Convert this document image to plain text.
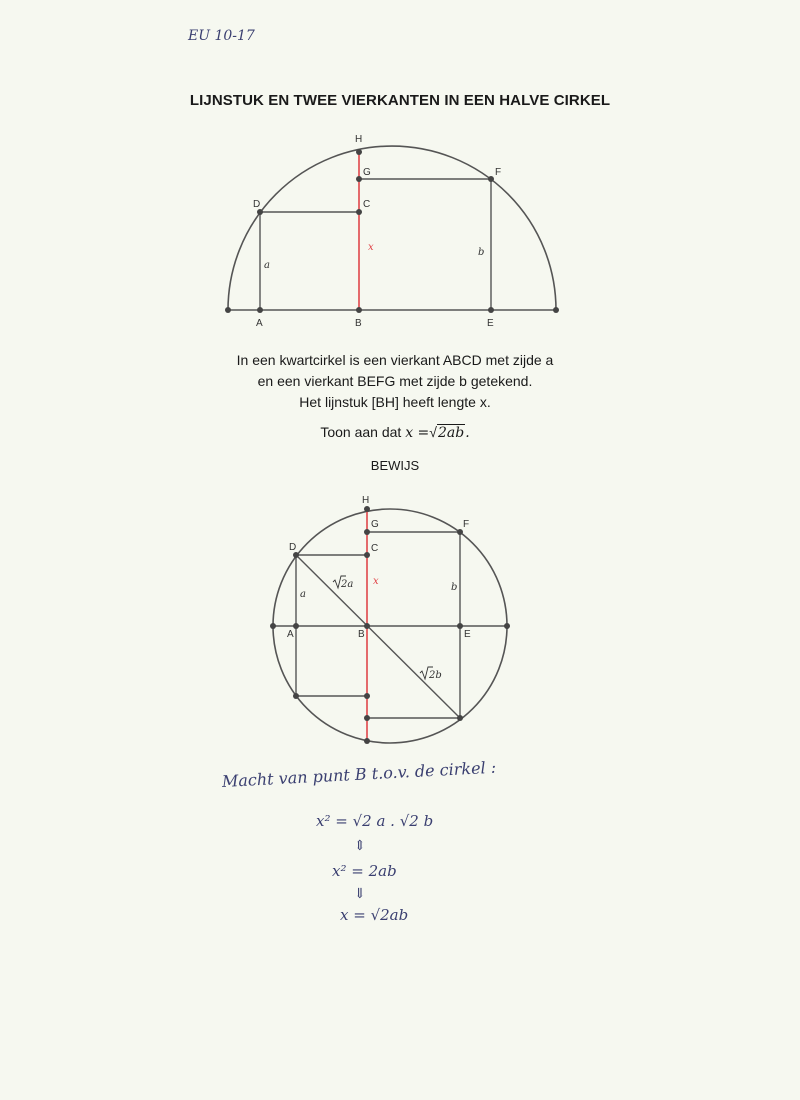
EU 10-17
LIJNSTUK EN TWEE VIERKANTEN IN EEN HALVE CIRKEL
H
G	F
D	C
A	B	E
a
b
x
H
G	F
D	C
A	B	E
a
b
x
2a
2b
In een kwartcirkel is een vierkant ABCD met zijde a
en een vierkant BEFG met zijde b getekend.
Het lijnstuk [BH] heeft lengte x.
Toon aan dat x =√2ab.
BEWIJS
Macht van punt B t.o.v. de cirkel :
x² = √2 a . √2 b
⇕
x² = 2ab
⇓
x = √2ab
